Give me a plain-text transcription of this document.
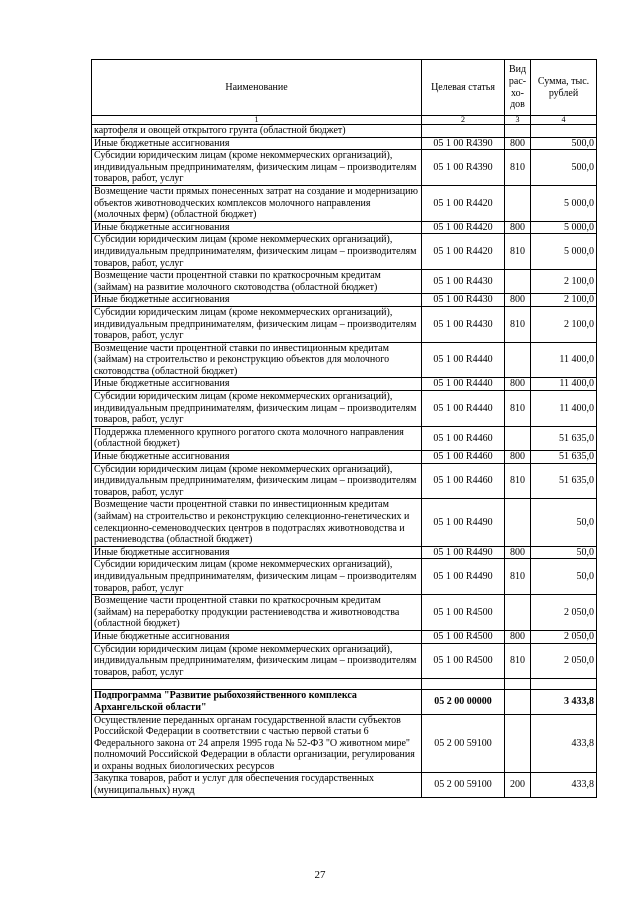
Наименование	Целевая статья	Вид рас-хо-дов	Сумма, тыс. рублей
1	2	3	4
картофеля и овощей открытого грунта (областной бюджет)			
Иные бюджетные ассигнования	05 1 00 R4390	800	500,0
Субсидии юридическим лицам (кроме некоммерческих организаций), индивидуальным предпринимателям, физическим лицам – производителям товаров, работ, услуг	05 1 00 R4390	810	500,0
Возмещение части прямых понесенных затрат на создание и модернизацию объектов животноводческих комплексов молочного направления (молочных ферм) (областной бюджет)	05 1 00 R4420		5 000,0
Иные бюджетные ассигнования	05 1 00 R4420	800	5 000,0
Субсидии юридическим лицам (кроме некоммерческих организаций), индивидуальным предпринимателям, физическим лицам – производителям товаров, работ, услуг	05 1 00 R4420	810	5 000,0
Возмещение части процентной ставки по краткосрочным кредитам (займам) на развитие молочного скотоводства (областной бюджет)	05 1 00 R4430		2 100,0
Иные бюджетные ассигнования	05 1 00 R4430	800	2 100,0
Субсидии юридическим лицам (кроме некоммерческих организаций), индивидуальным предпринимателям, физическим лицам – производителям товаров, работ, услуг	05 1 00 R4430	810	2 100,0
Возмещение части процентной ставки по инвестиционным кредитам (займам) на строительство и реконструкцию объектов для молочного скотоводства (областной бюджет)	05 1 00 R4440		11 400,0
Иные бюджетные ассигнования	05 1 00 R4440	800	11 400,0
Субсидии юридическим лицам (кроме некоммерческих организаций), индивидуальным предпринимателям, физическим лицам – производителям товаров, работ, услуг	05 1 00 R4440	810	11 400,0
Поддержка племенного крупного рогатого скота молочного направления (областной бюджет)	05 1 00 R4460		51 635,0
Иные бюджетные ассигнования	05 1 00 R4460	800	51 635,0
Субсидии юридическим лицам (кроме некоммерческих организаций), индивидуальным предпринимателям, физическим лицам – производителям товаров, работ, услуг	05 1 00 R4460	810	51 635,0
Возмещение части процентной ставки по инвестиционным кредитам (займам) на строительство и реконструкцию селекционно-генетических и селекционно-семеноводческих центров в подотраслях животноводства и растениеводства (областной бюджет)	05 1 00 R4490		50,0
Иные бюджетные ассигнования	05 1 00 R4490	800	50,0
Субсидии юридическим лицам (кроме некоммерческих организаций), индивидуальным предпринимателям, физическим лицам – производителям товаров, работ, услуг	05 1 00 R4490	810	50,0
Возмещение части процентной ставки по краткосрочным кредитам (займам) на переработку продукции растениеводства и животноводства (областной бюджет)	05 1 00 R4500		2 050,0
Иные бюджетные ассигнования	05 1 00 R4500	800	2 050,0
Субсидии юридическим лицам (кроме некоммерческих организаций), индивидуальным предпринимателям, физическим лицам – производителям товаров, работ, услуг	05 1 00 R4500	810	2 050,0

Подпрограмма "Развитие рыбохозяйственного комплекса Архангельской области"	05 2 00 00000		3 433,8
Осуществление переданных органам государственной власти субъектов Российской Федерации в соответствии с частью первой статьи 6 Федерального закона от 24 апреля 1995 года № 52-ФЗ "О животном мире" полномочий Российской Федерации в области организации, регулирования и охраны водных биологических ресурсов	05 2 00 59100		433,8
Закупка товаров, работ и услуг для обеспечения государственных (муниципальных) нужд	05 2 00 59100	200	433,8
27
